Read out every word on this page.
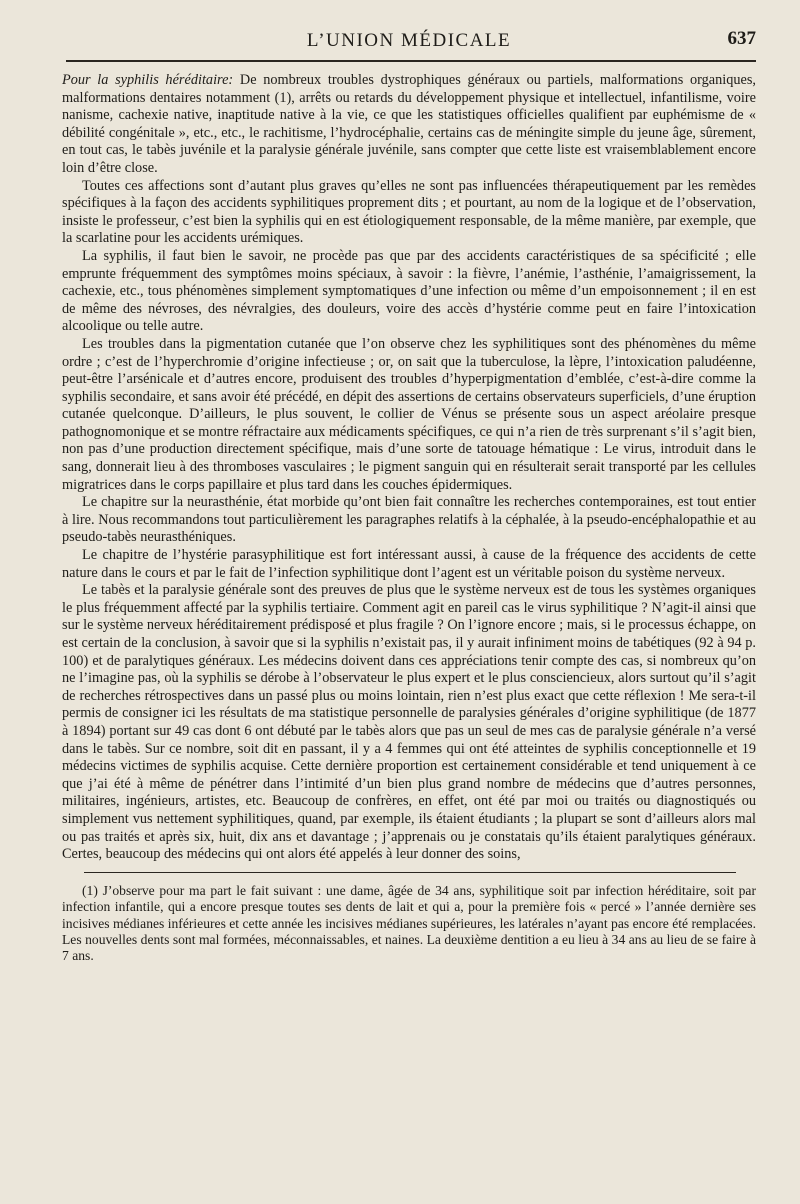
L’UNION MÉDICALE	637

Pour la syphilis héréditaire: De nombreux troubles dystrophiques généraux ou partiels, malformations organiques, malformations dentaires notamment (1), arrêts ou retards du développement physique et intellectuel, infantilisme, voire nanisme, cachexie native, inaptitude native à la vie, ce que les statistiques officielles qualifient par euphémisme de « débilité congénitale », etc., etc., le rachitisme, l’hydrocéphalie, certains cas de méningite simple du jeune âge, sûrement, en tout cas, le tabès juvénile et la paralysie générale juvénile, sans compter que cette liste est vraisemblablement encore loin d’être close.

Toutes ces affections sont d’autant plus graves qu’elles ne sont pas influencées thérapeutiquement par les remèdes spécifiques à la façon des accidents syphilitiques proprement dits ; et pourtant, au nom de la logique et de l’observation, insiste le professeur, c’est bien la syphilis qui en est étiologiquement responsable, de la même manière, par exemple, que la scarlatine pour les accidents urémiques.

La syphilis, il faut bien le savoir, ne procède pas que par des accidents caractéristiques de sa spécificité ; elle emprunte fréquemment des symptômes moins spéciaux, à savoir : la fièvre, l’anémie, l’asthénie, l’amaigrissement, la cachexie, etc., tous phénomènes simplement symptomatiques d’une infection ou même d’un empoisonnement ; il en est de même des névroses, des névralgies, des douleurs, voire des accès d’hystérie comme peut en faire l’intoxication alcoolique ou telle autre.

Les troubles dans la pigmentation cutanée que l’on observe chez les syphilitiques sont des phénomènes du même ordre ; c’est de l’hyperchromie d’origine infectieuse ; or, on sait que la tuberculose, la lèpre, l’intoxication paludéenne, peut-être l’arsénicale et d’autres encore, produisent des troubles d’hyperpigmentation d’emblée, c’est-à-dire comme la syphilis secondaire, et sans avoir été précédé, en dépit des assertions de certains observateurs superficiels, d’une éruption cutanée quelconque. D’ailleurs, le plus souvent, le collier de Vénus se présente sous un aspect aréolaire presque pathognomonique et se montre réfractaire aux médicaments spécifiques, ce qui n’a rien de très surprenant s’il s’agit bien, non pas d’une production directement spécifique, mais d’une sorte de tatouage hématique : Le virus, introduit dans le sang, donnerait lieu à des thromboses vasculaires ; le pigment sanguin qui en résulterait serait transporté par les cellules migratrices dans le corps papillaire et plus tard dans les couches épidermiques.

Le chapitre sur la neurasthénie, état morbide qu’ont bien fait connaître les recherches contemporaines, est tout entier à lire. Nous recommandons tout particulièrement les paragraphes relatifs à la céphalée, à la pseudo-encéphalopathie et au pseudo-tabès neurasthéniques.

Le chapitre de l’hystérie parasyphilitique est fort intéressant aussi, à cause de la fréquence des accidents de cette nature dans le cours et par le fait de l’infection syphilitique dont l’agent est un véritable poison du système nerveux.

Le tabès et la paralysie générale sont des preuves de plus que le système nerveux est de tous les systèmes organiques le plus fréquemment affecté par la syphilis tertiaire. Comment agit en pareil cas le virus syphilitique ? N’agit-il ainsi que sur le système nerveux héréditairement prédisposé et plus fragile ? On l’ignore encore ; mais, si le processus échappe, on est certain de la conclusion, à savoir que si la syphilis n’existait pas, il y aurait infiniment moins de tabétiques (92 à 94 p. 100) et de paralytiques généraux. Les médecins doivent dans ces appréciations tenir compte des cas, si nombreux qu’on ne l’imagine pas, où la syphilis se dérobe à l’observateur le plus expert et le plus consciencieux, alors surtout qu’il s’agit de recherches rétrospectives dans un passé plus ou moins lointain, rien n’est plus exact que cette réflexion ! Me sera-t-il permis de consigner ici les résultats de ma statistique personnelle de paralysies générales d’origine syphilitique (de 1877 à 1894) portant sur 49 cas dont 6 ont débuté par le tabès alors que pas un seul de mes cas de paralysie générale n’a versé dans le tabès. Sur ce nombre, soit dit en passant, il y a 4 femmes qui ont été atteintes de syphilis conceptionnelle et 19 médecins victimes de syphilis acquise. Cette dernière proportion est certainement considérable et tend uniquement à ce que j’ai été à même de pénétrer dans l’intimité d’un bien plus grand nombre de médecins que d’autres personnes, militaires, ingénieurs, artistes, etc. Beaucoup de confrères, en effet, ont été par moi ou traités ou diagnostiqués ou simplement vus nettement syphilitiques, quand, par exemple, ils étaient étudiants ; la plupart se sont d’ailleurs alors mal ou pas traités et après six, huit, dix ans et davantage ; j’apprenais ou je constatais qu’ils étaient paralytiques généraux. Certes, beaucoup des médecins qui ont alors été appelés à leur donner des soins,

(1) J’observe pour ma part le fait suivant : une dame, âgée de 34 ans, syphilitique soit par infection héréditaire, soit par infection infantile, qui a encore presque toutes ses dents de lait et qui a, pour la première fois « percé » l’année dernière ses incisives médianes inférieures et cette année les incisives médianes supérieures, les latérales n’ayant pas encore été remplacées. Les nouvelles dents sont mal formées, méconnaissables, et naines. La deuxième dentition a eu lieu à 34 ans au lieu de se faire à 7 ans.
